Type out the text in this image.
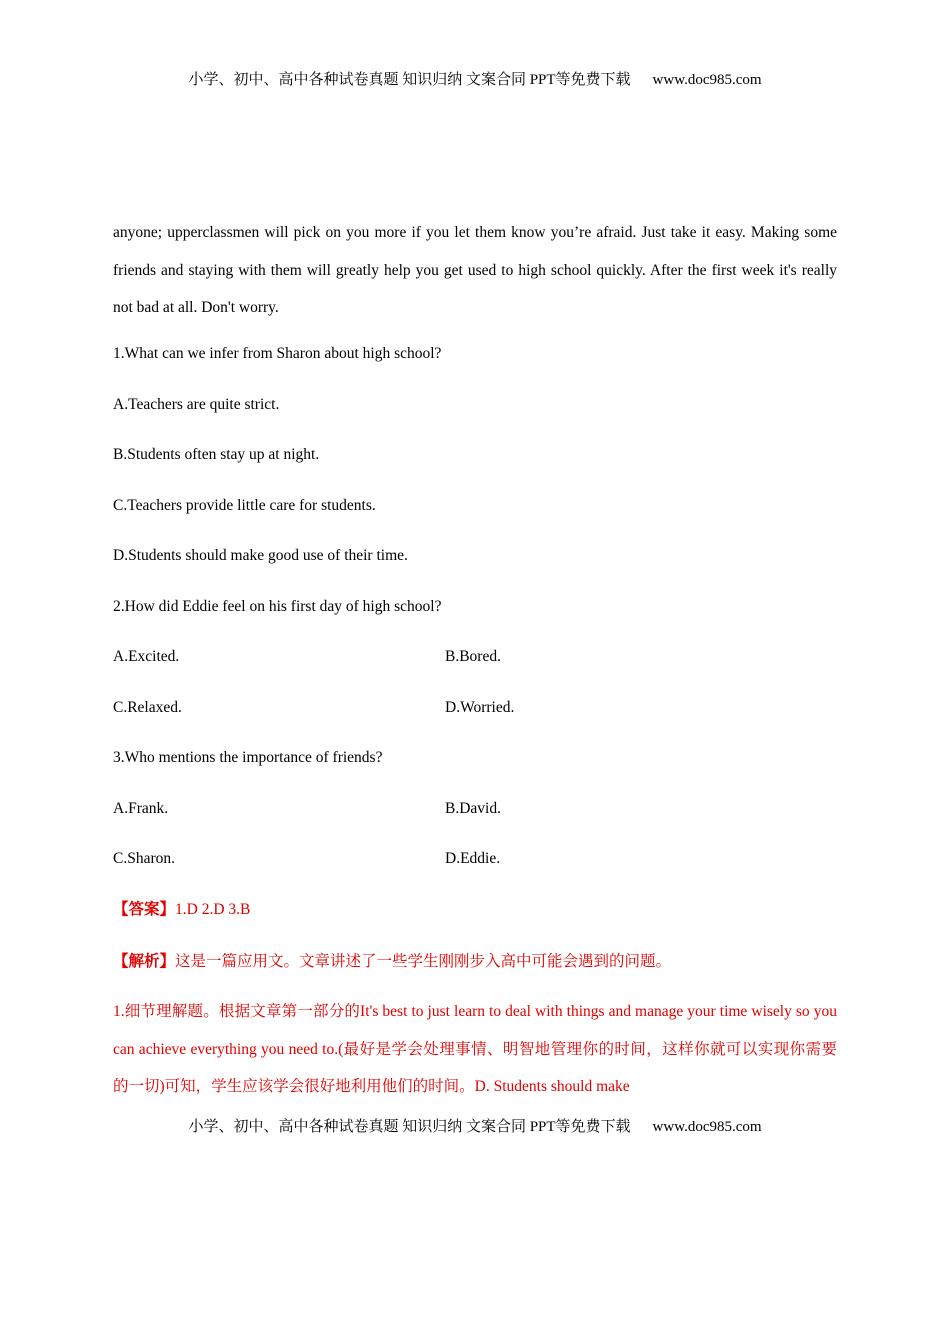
小学、初中、高中各种试卷真题 知识归纳 文案合同 PPT等免费下载 www.doc985.com

anyone; upperclassmen will pick on you more if you let them know you’re afraid. Just take it easy. Making some friends and staying with them will greatly help you get used to high school quickly. After the first week it's really not bad at all. Don't worry.

1.What can we infer from Sharon about high school?
A.Teachers are quite strict.
B.Students often stay up at night.
C.Teachers provide little care for students.
D.Students should make good use of their time.
2.How did Eddie feel on his first day of high school?
A.Excited.	B.Bored.
C.Relaxed.	D.Worried.
3.Who mentions the importance of friends?
A.Frank.	B.David.
C.Sharon.	D.Eddie.
【答案】1.D 2.D 3.B
【解析】这是一篇应用文。文章讲述了一些学生刚刚步入高中可能会遇到的问题。

1.细节理解题。根据文章第一部分的It's best to just learn to deal with things and manage your time wisely so you can achieve everything you need to.(最好是学会处理事情、明智地管理你的时间，这样你就可以实现你需要的一切)可知，学生应该学会很好地利用他们的时间。D. Students should make

小学、初中、高中各种试卷真题 知识归纳 文案合同 PPT等免费下载 www.doc985.com
